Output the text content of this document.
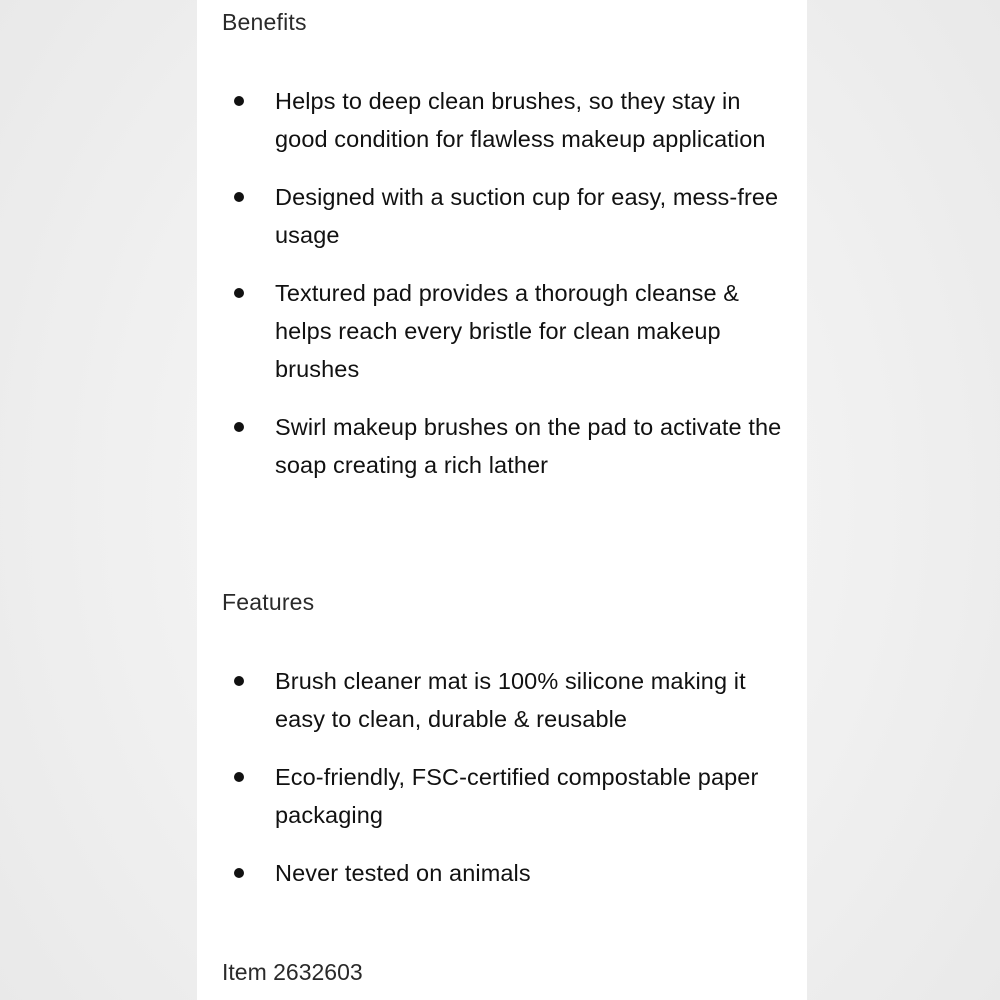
Benefits
Helps to deep clean brushes, so they stay in good condition for flawless makeup application
Designed with a suction cup for easy, mess-free usage
Textured pad provides a thorough cleanse & helps reach every bristle for clean makeup brushes
Swirl makeup brushes on the pad to activate the soap creating a rich lather
Features
Brush cleaner mat is 100% silicone making it easy to clean, durable & reusable
Eco-friendly, FSC-certified compostable paper packaging
Never tested on animals
Item 2632603
